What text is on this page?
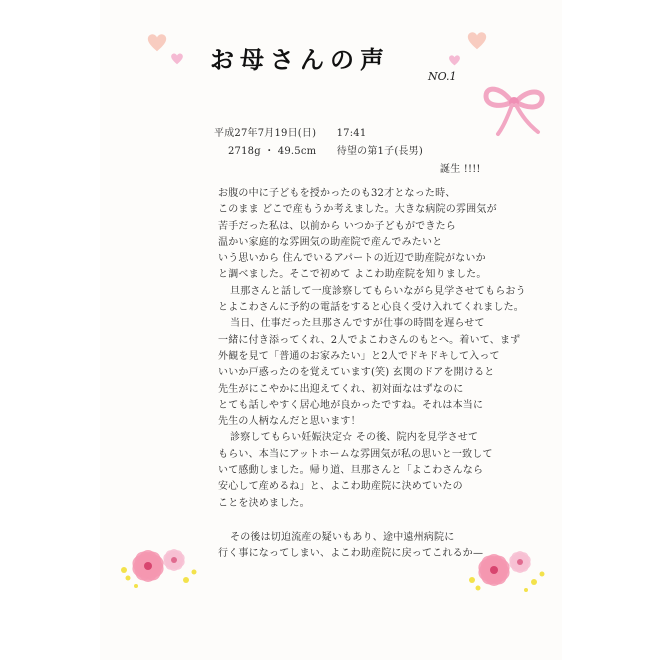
お母さんの声
NO.1
平成27年7月19日(日)　　17:41
2718g ・ 49.5cm　　待望の第1子(長男)
誕生 !!!!
お腹の中に子どもを授かったのも32才となった時、
このまま どこで産もうか考えました。大きな病院の雰囲気が
苦手だった私は、以前から いつか子どもができたら
温かい家庭的な雰囲気の助産院で産んでみたいと
いう思いから 住んでいるアパートの近辺で助産院がないか
と調べました。そこで初めて よこわ助産院を知りました。
旦那さんと話して一度診察してもらいながら見学させてもらおう
とよこわさんに予約の電話をすると心良く受け入れてくれました。
当日、仕事だった旦那さんですが仕事の時間を遅らせて
一緒に付き添ってくれ、2人でよこわさんのもとへ。着いて、まず
外観を見て「普通のお家みたい」と2人でドキドキして入って
いいか戸惑ったのを覚えています(笑) 玄関のドアを開けると
先生がにこやかに出迎えてくれ、初対面なはずなのに
とても話しやすく居心地が良かったですね。それは本当に
先生の人柄なんだと思います！
診察してもらい妊娠決定☆ その後、院内を見学させて
もらい、本当にアットホームな雰囲気が私の思いと一致して
いて感動しました。帰り道、旦那さんと「よこわさんなら
安心して産めるね」と、よこわ助産院に決めていたの
ことを決めました。
その後は切迫流産の疑いもあり、途中遠州病院に
行く事になってしまい、よこわ助産院に戻ってこれるか—
